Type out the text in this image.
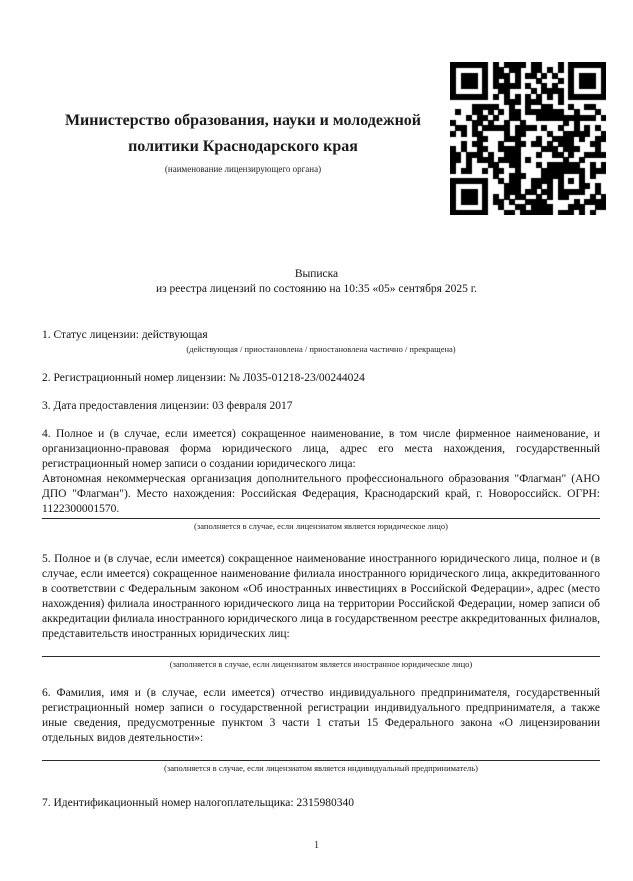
Министерство образования, науки и молодежной
политики Краснодарского края
(наименование лицензирующего органа)
Выписка
из реестра лицензий по состоянию на 10:35 «05» сентября 2025 г.
1. Статус лицензии: действующая
(действующая / приостановлена / приостановлена частично / прекращена)
2. Регистрационный номер лицензии: № Л035-01218-23/00244024
3. Дата предоставления лицензии: 03 февраля 2017
4. Полное и (в случае, если имеется) сокращенное наименование, в том числе фирменное наименование, и организационно-правовая форма юридического лица, адрес его места нахождения, государственный регистрационный номер записи о создании юридического лица:
Автономная некоммерческая организация дополнительного профессионального образования "Флагман" (АНО ДПО "Флагман"). Место нахождения: Российская Федерация, Краснодарский край, г. Новороссийск. ОГРН: 1122300001570.
(заполняется в случае, если лицензиатом является юридическое лицо)
5. Полное и (в случае, если имеется) сокращенное наименование иностранного юридического лица, полное и (в случае, если имеется) сокращенное наименование филиала иностранного юридического лица, аккредитованного в соответствии с Федеральным законом «Об иностранных инвестициях в Российской Федерации», адрес (место нахождения) филиала иностранного юридического лица на территории Российской Федерации, номер записи об аккредитации филиала иностранного юридического лица в государственном реестре аккредитованных филиалов, представительств иностранных юридических лиц:
(заполняется в случае, если лицензиатом является иностранное юридическое лицо)
6. Фамилия, имя и (в случае, если имеется) отчество индивидуального предпринимателя, государственный регистрационный номер записи о государственной регистрации индивидуального предпринимателя, а также иные сведения, предусмотренные пунктом 3 части 1 статьи 15 Федерального закона «О лицензировании отдельных видов деятельности»:
(заполняется в случае, если лицензиатом является индивидуальный предприниматель)
7. Идентификационный номер налогоплательщика: 2315980340
1
